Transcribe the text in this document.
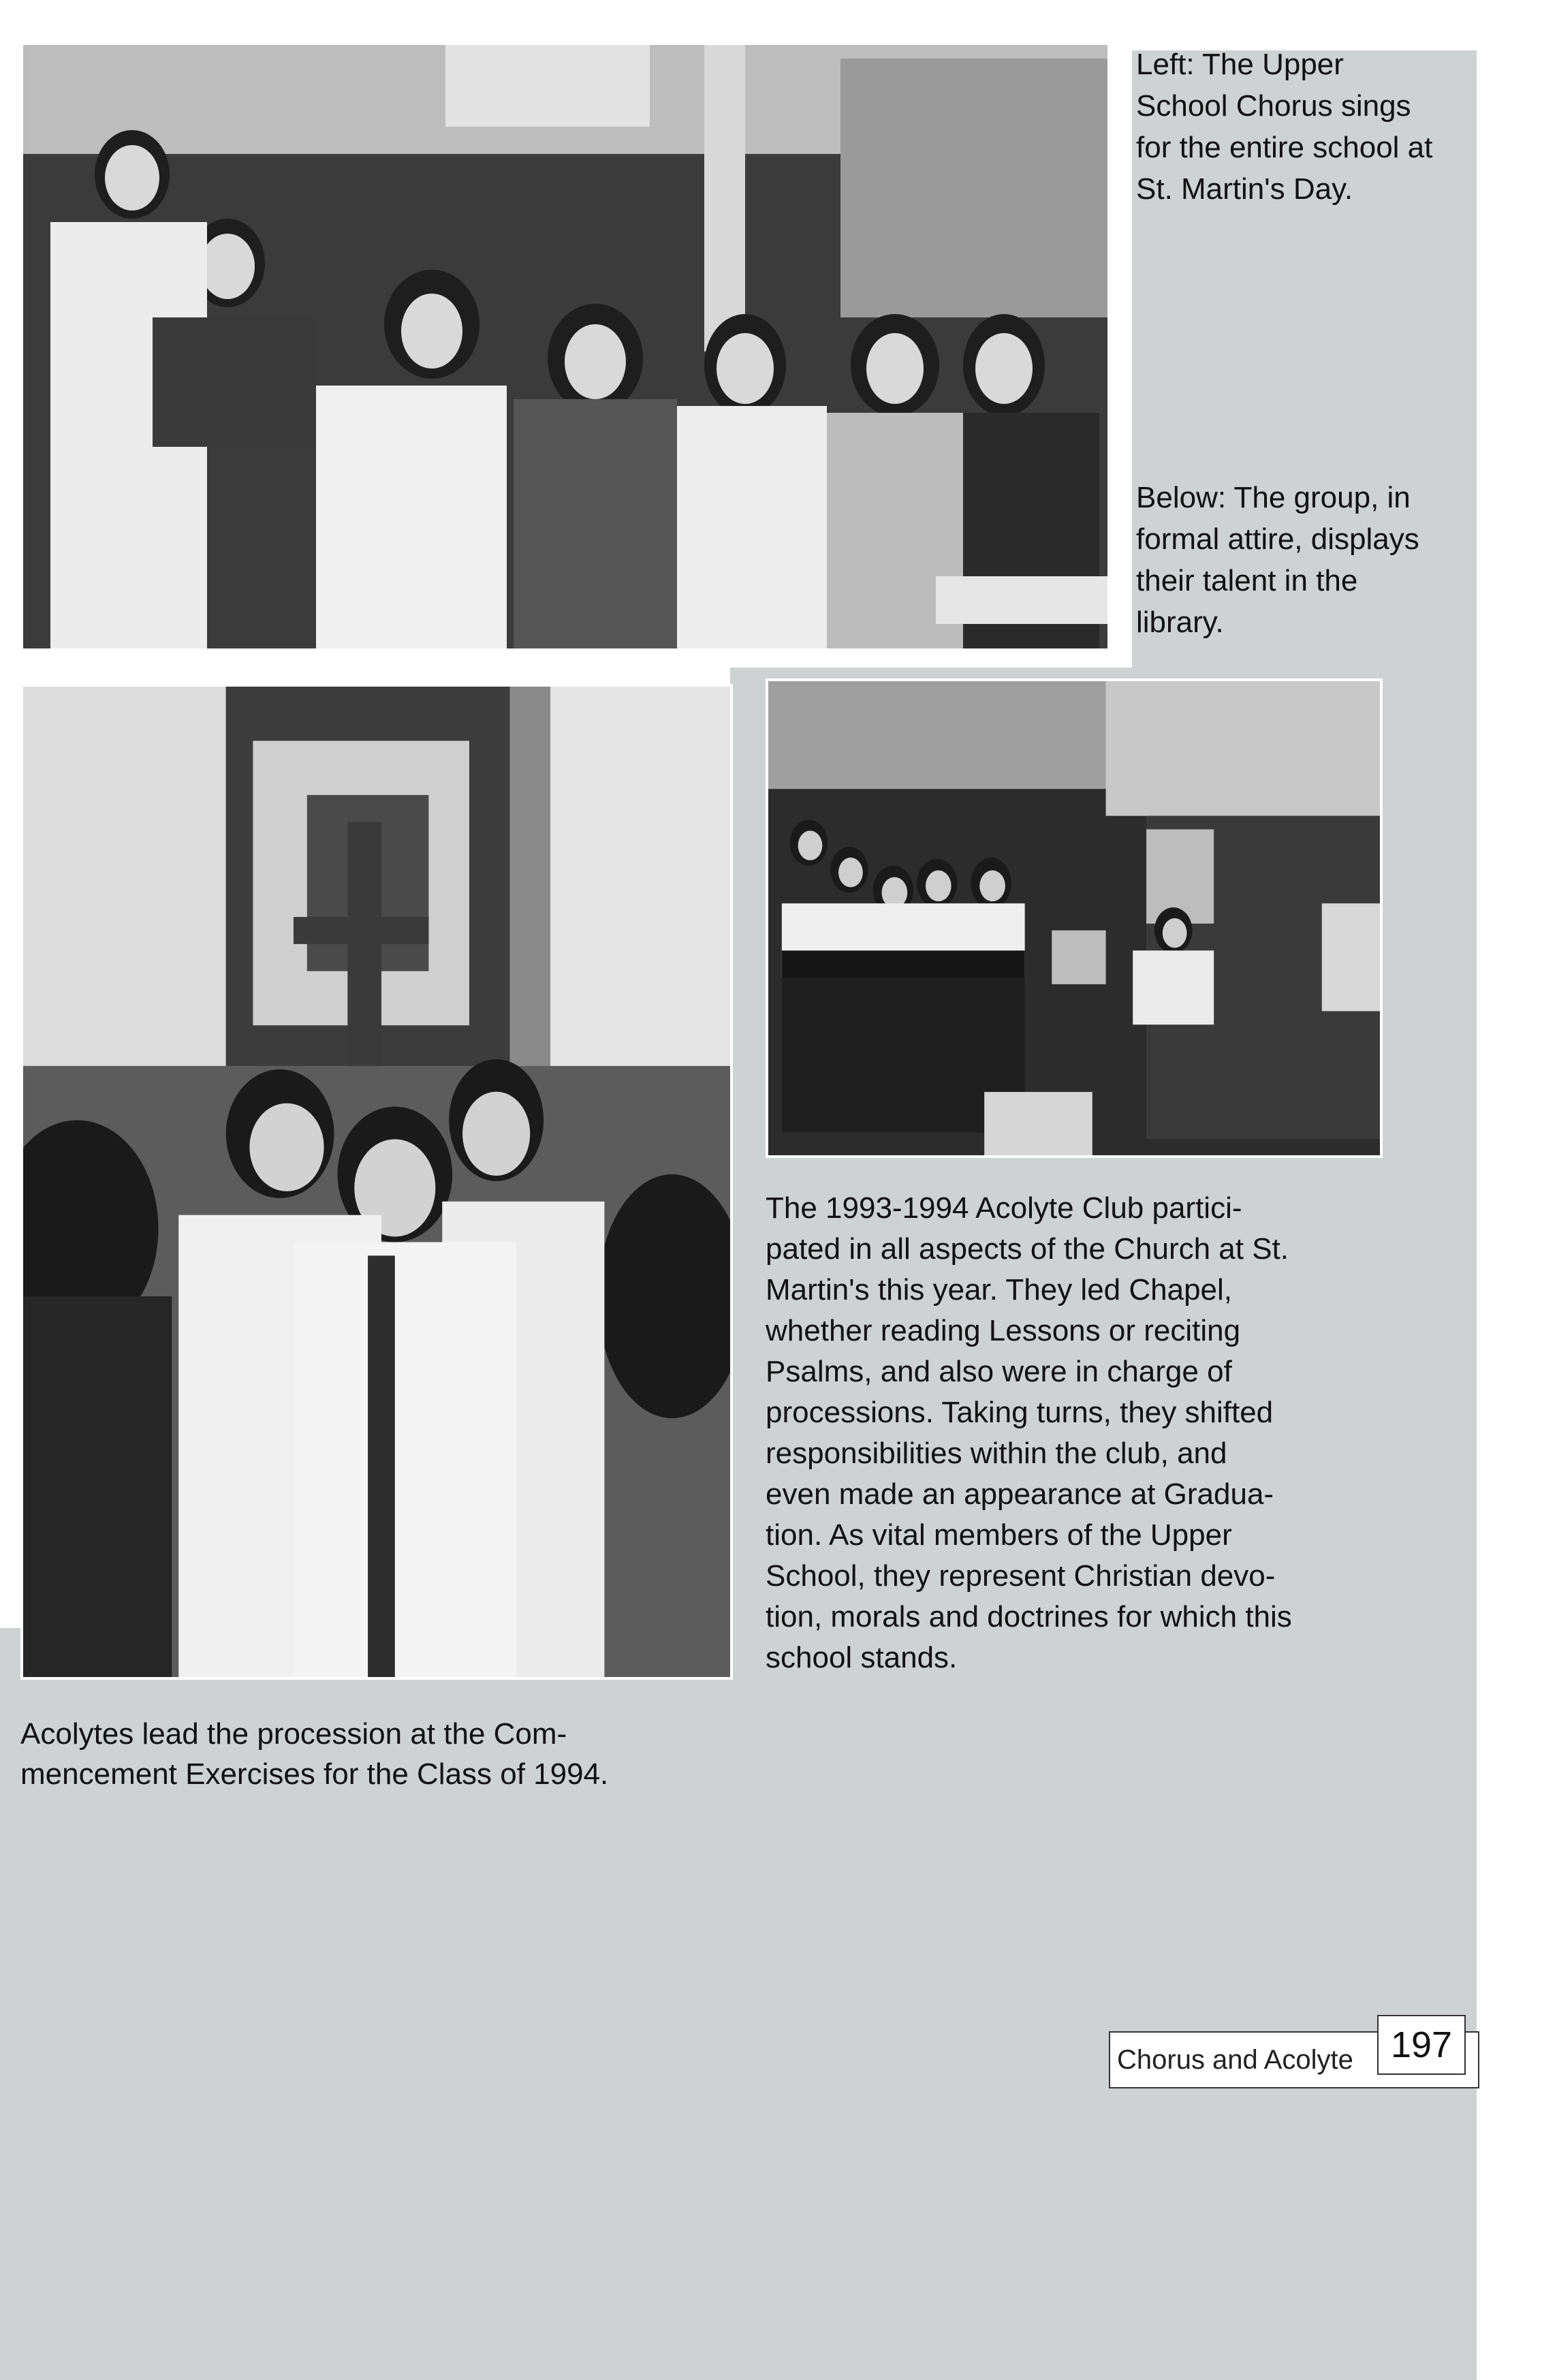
Left: The Upper
School Chorus sings
for the entire school at
St. Martin's Day.

Below: The group, in
formal attire, displays
their talent in the
library.

The 1993-1994 Acolyte Club partici-
pated in all aspects of the Church at St.
Martin's this year. They led Chapel,
whether reading Lessons or reciting
Psalms, and also were in charge of
processions. Taking turns, they shifted
responsibilities within the club, and
even made an appearance at Gradua-
tion. As vital members of the Upper
School, they represent Christian devo-
tion, morals and doctrines for which this
school stands.

Acolytes lead the procession at the Com-
mencement Exercises for the Class of 1994.

Chorus and Acolyte	197
